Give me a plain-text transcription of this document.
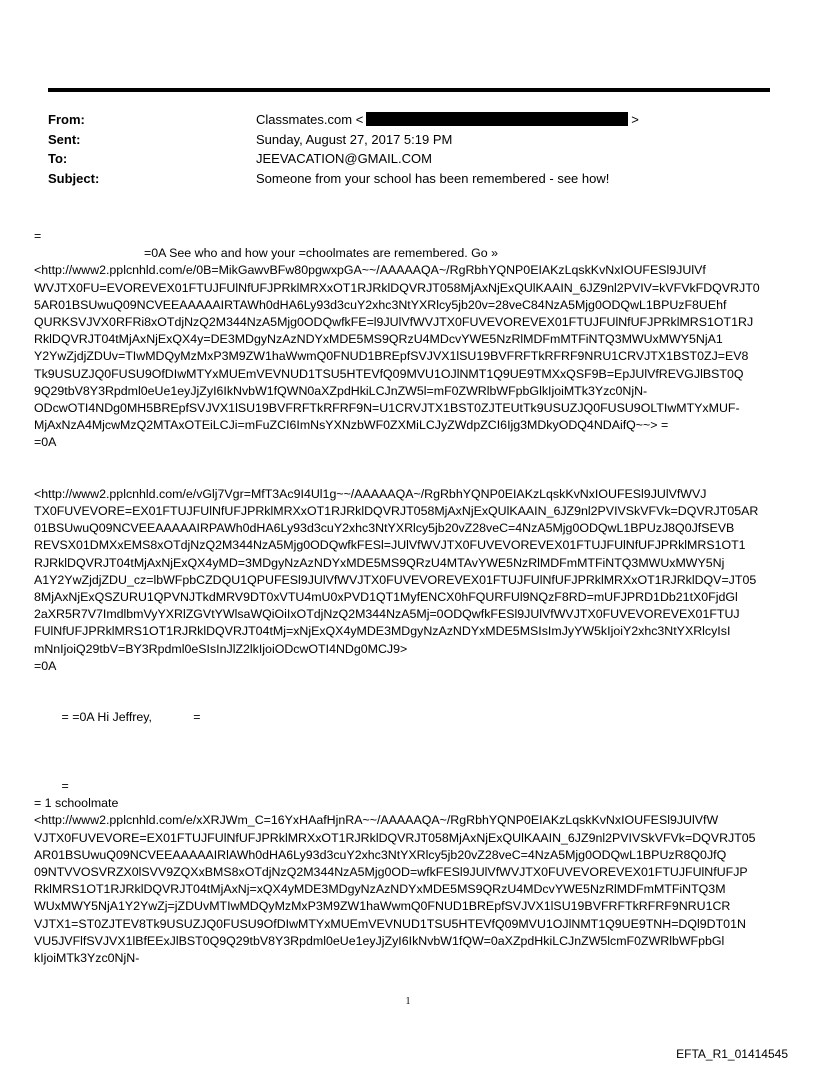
From:	Classmates.com <	>
Sent:	Sunday, August 27, 2017 5:19 PM
To:	JEEVACATION@GMAIL.COM
Subject:	Someone from your school has been remembered - see how!
=
=0A See who and how your =choolmates are remembered. Go »
<http://www2.pplcnhld.com/e/0B=MikGawvBFw80pgwxpGA~~/AAAAAQA~/RgRbhYQNP0EIAKzLqskKvNxIOUFESl9JUlVf
WVJTX0FU=EVOREVEX01FTUJFUlNfUFJPRklMRXxOT1RJRklDQVRJT058MjAxNjExQUlKAAIN_6JZ9nl2PVIV=kVFVkFDQVRJT0
5AR01BSUwuQ09NCVEEAAAAAIRTAWh0dHA6Ly93d3cuY2xhc3NtYXRlcy5jb20v=28veC84NzA5Mjg0ODQwL1BPUzF8UEhf
QURKSVJVX0RFRi8xOTdjNzQ2M344NzA5Mjg0ODQwfkFE=l9JUlVfWVJTX0FUVEVOREVEX01FTUJFUlNfUFJPRklMRS1OT1RJ
RklDQVRJT04tMjAxNjExQX4y=DE3MDgyNzAzNDYxMDE5MS9QRzU4MDcvYWE5NzRlMDFmMTFiNTQ3MWUxMWY5NjA1
Y2YwZjdjZDUv=TIwMDQyMzMxP3M9ZW1haWwmQ0FNUD1BREpfSVJVX1lSU19BVFRFTkRFRF9NRU1CRVJTX1BST0ZJ=EV8
Tk9USUZJQ0FUSU9OfDIwMTYxMUEmVEVNUD1TSU5HTEVfQ09MVU1OJlNMT1Q9UE9TMXxQSF9B=EpJUlVfREVGJlBST0Q
9Q29tbV8Y3Rpdml0eUe1eyJjZyI6IkNvbW1fQWN0aXZpdHkiLCJnZW5l=mF0ZWRlbWFpbGlkIjoiMTk3Yzc0NjN-
ODcwOTI4NDg0MH5BREpfSVJVX1lSU19BVFRFTkRFRF9N=U1CRVJTX1BST0ZJTEUtTk9USUZJQ0FUSU9OLTIwMTYxMUF-
MjAxNzA4MjcwMzQ2MTAxOTEiLCJi=mFuZCI6ImNsYXNzbWF0ZXMiLCJyZWdpZCI6Ijg3MDkyODQ4NDAifQ~~> =
=0A
<http://www2.pplcnhld.com/e/vGlj7Vgr=MfT3Ac9I4Ul1g~~/AAAAAQA~/RgRbhYQNP0EIAKzLqskKvNxIOUFESl9JUlVfWVJ
TX0FUVEVORE=EX01FTUJFUlNfUFJPRklMRXxOT1RJRklDQVRJT058MjAxNjExQUlKAAIN_6JZ9nl2PVIVSkVFVk=DQVRJT05AR
01BSUwuQ09NCVEEAAAAAIRPAWh0dHA6Ly93d3cuY2xhc3NtYXRlcy5jb20vZ28veC=4NzA5Mjg0ODQwL1BPUzJ8Q0JfSEVB
REVSX01DMXxEMS8xOTdjNzQ2M344NzA5Mjg0ODQwfkFESl=JUlVfWVJTX0FUVEVOREVEX01FTUJFUlNfUFJPRklMRS1OT1
RJRklDQVRJT04tMjAxNjExQX4yMD=3MDgyNzAzNDYxMDE5MS9QRzU4MTAvYWE5NzRlMDFmMTFiNTQ3MWUxMWY5Nj
A1Y2YwZjdjZDU_cz=lbWFpbCZDQU1QPUFESl9JUlVfWVJTX0FUVEVOREVEX01FTUJFUlNfUFJPRklMRXxOT1RJRklDQV=JT05
8MjAxNjExQSZURU1QPVNJTkdMRV9DT0xVTU4mU0xPVD1QT1MyfENCX0hFQURFUl9NQzF8RD=mUFJPRD1Db21tX0FjdGl
2aXR5R7V7ImdlbmVyYXRlZGVtYWlsaWQiOiIxOTdjNzQ2M344NzA5Mj=0ODQwfkFESl9JUlVfWVJTX0FUVEVOREVEX01FTUJ
FUlNfUFJPRklMRS1OT1RJRklDQVRJT04tMj=xNjExQX4yMDE3MDgyNzAzNDYxMDE5MSIsImJyYW5kIjoiY2xhc3NtYXRlcyIsI
mNnIjoiQ29tbV=BY3Rpdml0eSIsInJlZ2lkIjoiODcwOTI4NDg0MCJ9>
=0A
= =0A Hi Jeffrey,            =
=
= 1 schoolmate
<http://www2.pplcnhld.com/e/xXRJWm_C=16YxHAafHjnRA~~/AAAAAQA~/RgRbhYQNP0EIAKzLqskKvNxIOUFESl9JUlVfW
VJTX0FUVEVORE=EX01FTUJFUlNfUFJPRklMRXxOT1RJRklDQVRJT058MjAxNjExQUlKAAIN_6JZ9nl2PVIVSkVFVk=DQVRJT05
AR01BSUwuQ09NCVEEAAAAAIRlAWh0dHA6Ly93d3cuY2xhc3NtYXRlcy5jb20vZ28veC=4NzA5Mjg0ODQwL1BPUzR8Q0JfQ
09NTVVOSVRZX0lSVV9ZQXxBMS8xOTdjNzQ2M344NzA5Mjg0OD=wfkFESl9JUlVfWVJTX0FUVEVOREVEX01FTUJFUlNfUFJP
RklMRS1OT1RJRklDQVRJT04tMjAxNj=xQX4yMDE3MDgyNzAzNDYxMDE5MS9QRzU4MDcvYWE5NzRlMDFmMTFiNTQ3M
WUxMWY5NjA1Y2YwZj=jZDUvMTIwMDQyMzMxP3M9ZW1haWwmQ0FNUD1BREpfSVJVX1lSU19BVFRFTkRFRF9NRU1CR
VJTX1=ST0ZJTEV8Tk9USUZJQ0FUSU9OfDIwMTYxMUEmVEVNUD1TSU5HTEVfQ09MVU1OJlNMT1Q9UE9TNH=DQl9DT01N
VU5JVFlfSVJVX1lBfEExJlBST0Q9Q29tbV8Y3Rpdml0eUe1eyJjZyI6IkNvbW1fQW=0aXZpdHkiLCJnZW5lcmF0ZWRlbWFpbGl
kIjoiMTk3Yzc0NjN-
1
EFTA_R1_01414545
